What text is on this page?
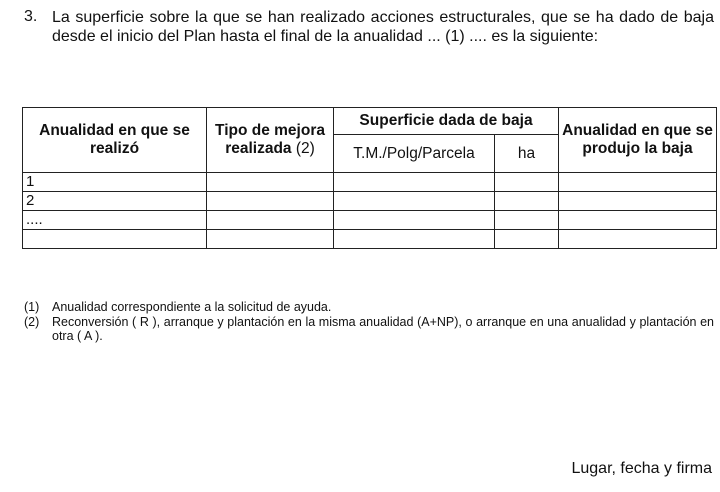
3. La superficie sobre la que se han realizado acciones estructurales, que se ha dado de baja desde el inicio del Plan hasta el final de la anualidad ... (1) .... es la siguiente:
Anualidad en que se realizó	Tipo de mejora realizada (2)	Superficie dada de baja		Anualidad en que se produjo la baja
		T.M./Polg/Parcela	ha	
1				
2				
....				

(1)	Anualidad correspondiente a la solicitud de ayuda.
(2)	Reconversión ( R ), arranque y plantación en la misma anualidad (A+NP), o arranque en una anualidad y plantación en otra ( A ).
Lugar, fecha y firma
